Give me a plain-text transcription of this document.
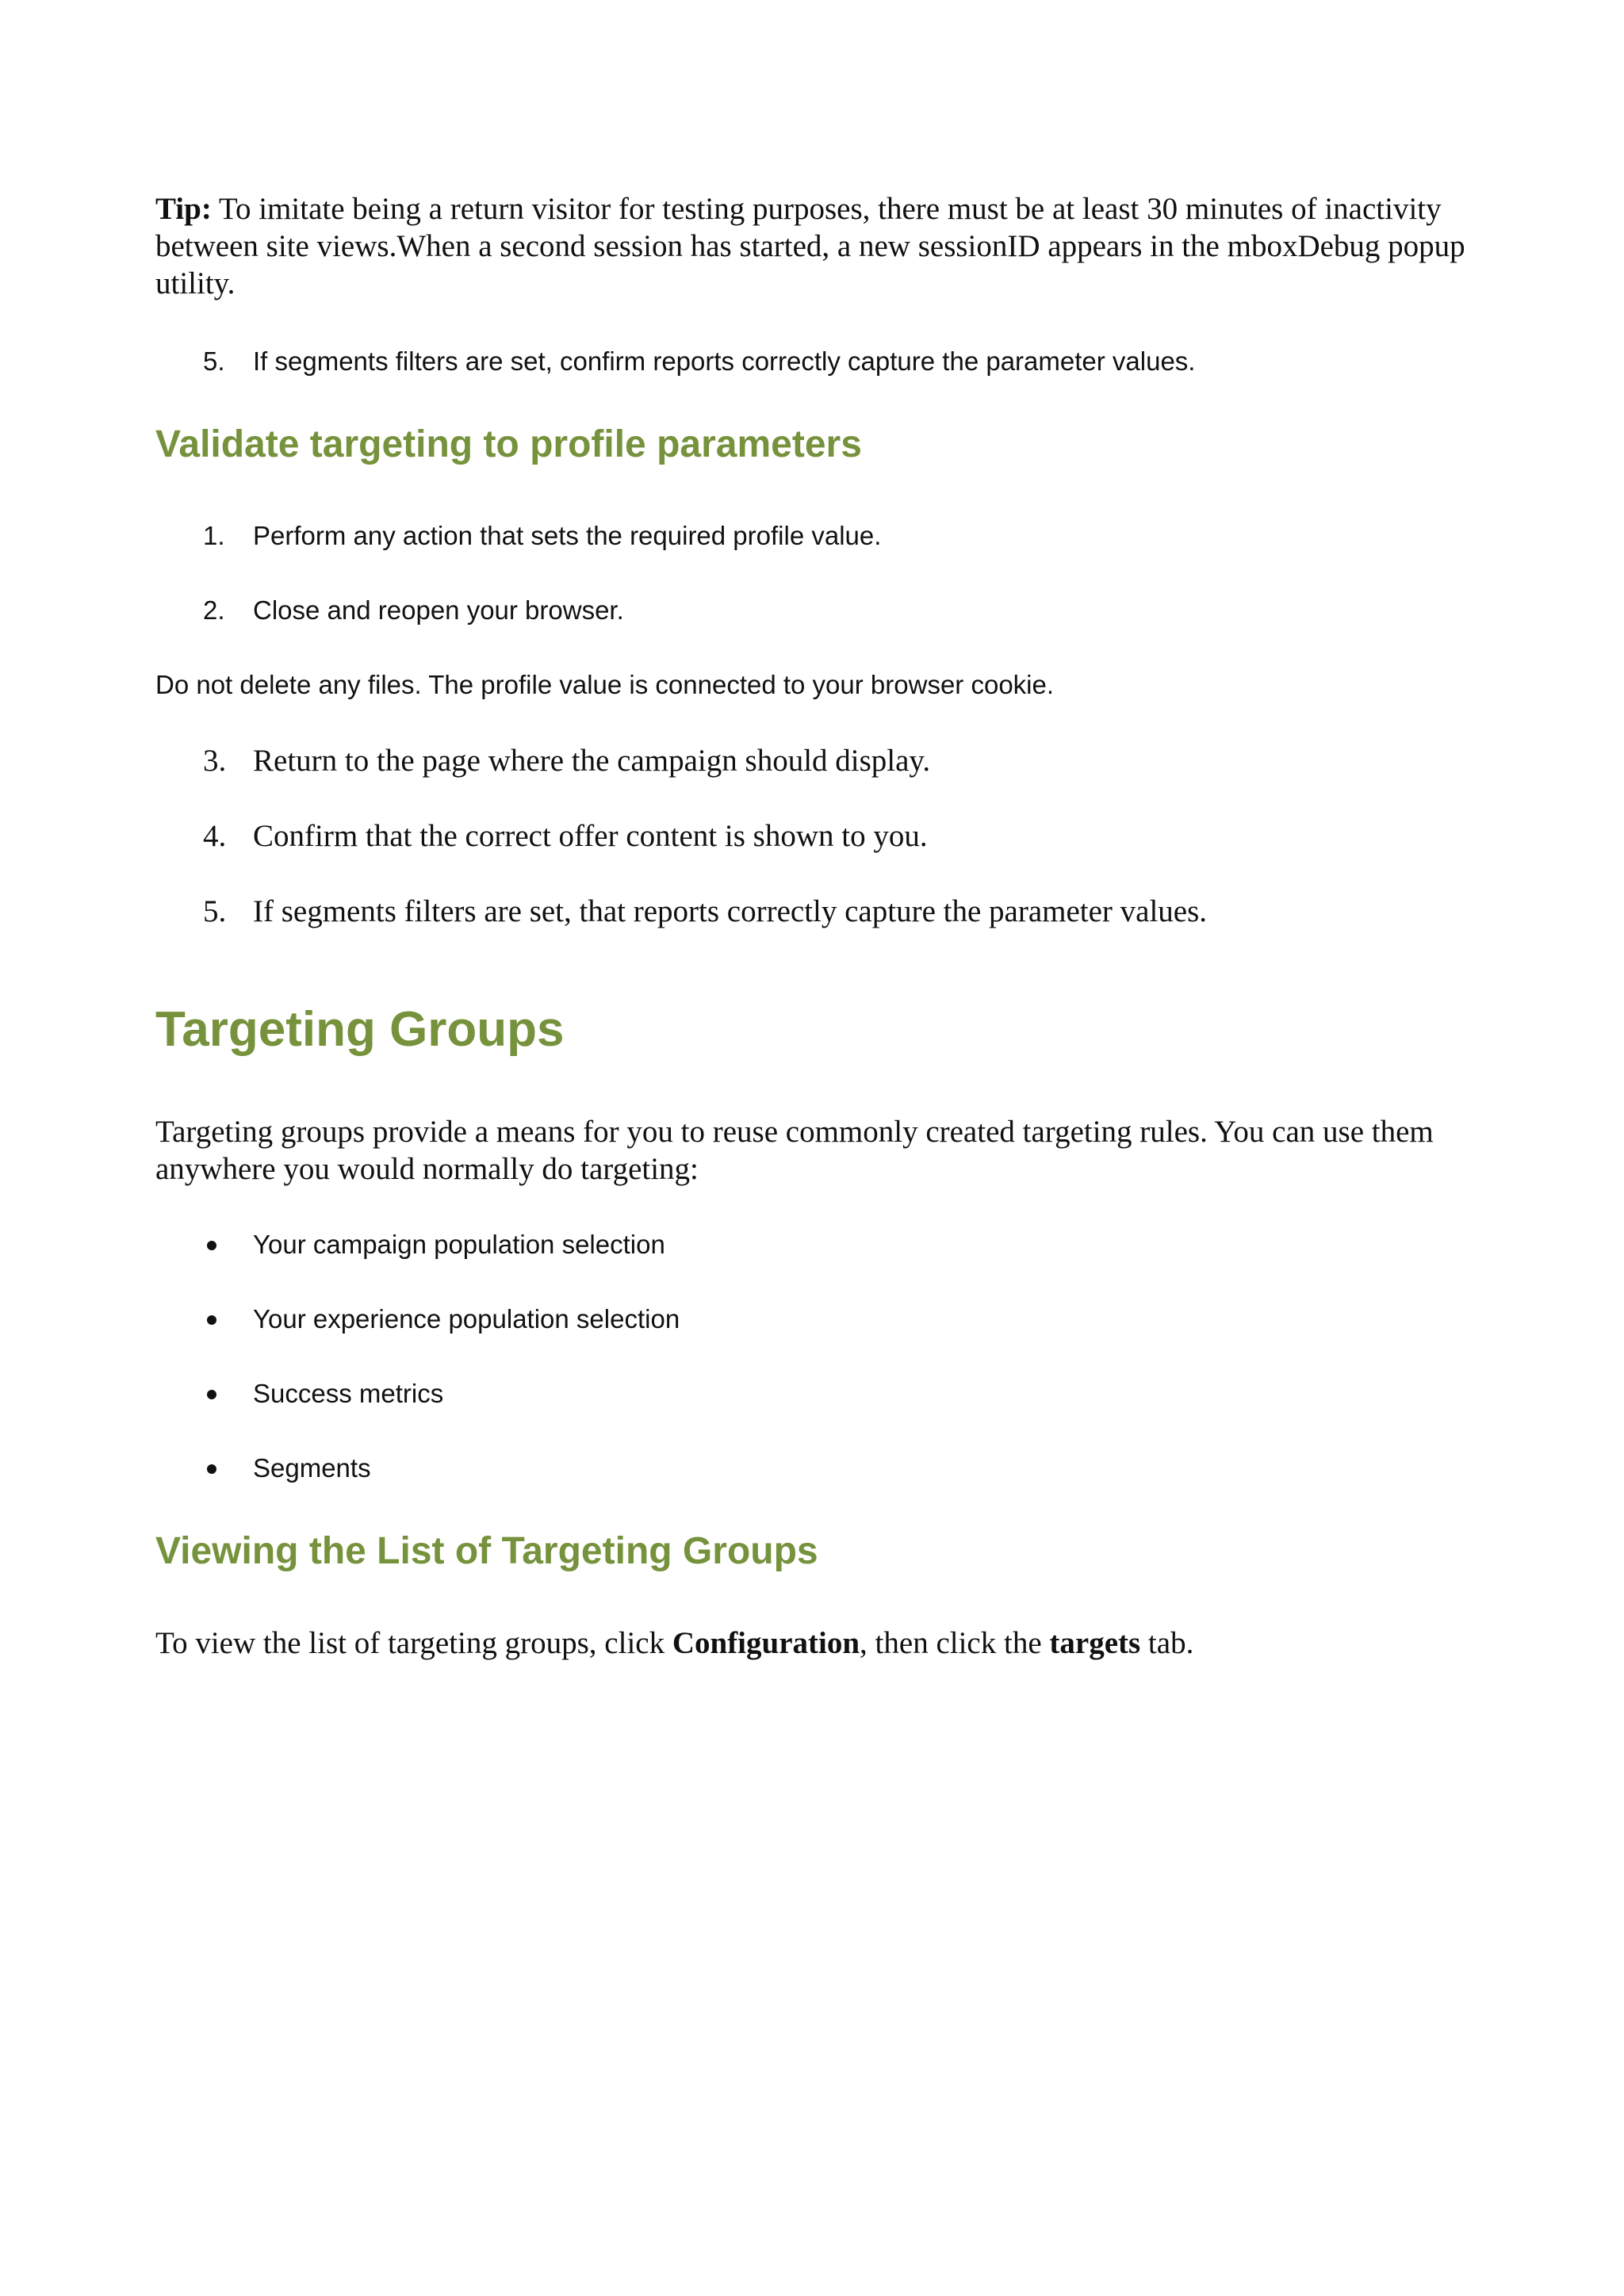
Tip: To imitate being a return visitor for testing purposes, there must be at least 30 minutes of inactivity between site views.When a second session has started, a new sessionID appears in the mboxDebug popup utility.

5.	If segments filters are set, confirm reports correctly capture the parameter values.
Validate targeting to profile parameters
1.	Perform any action that sets the required profile value.
2.	Close and reopen your browser.

Do not delete any files. The profile value is connected to your browser cookie.

3. Return to the page where the campaign should display.
4. Confirm that the correct offer content is shown to you.
5. If segments filters are set, that reports correctly capture the parameter values.
Targeting Groups

Targeting groups provide a means for you to reuse commonly created targeting rules. You can use them anywhere you would normally do targeting:

Your campaign population selection
Your experience population selection
Success metrics
Segments
Viewing the List of Targeting Groups

To view the list of targeting groups, click Configuration, then click the targets tab.
